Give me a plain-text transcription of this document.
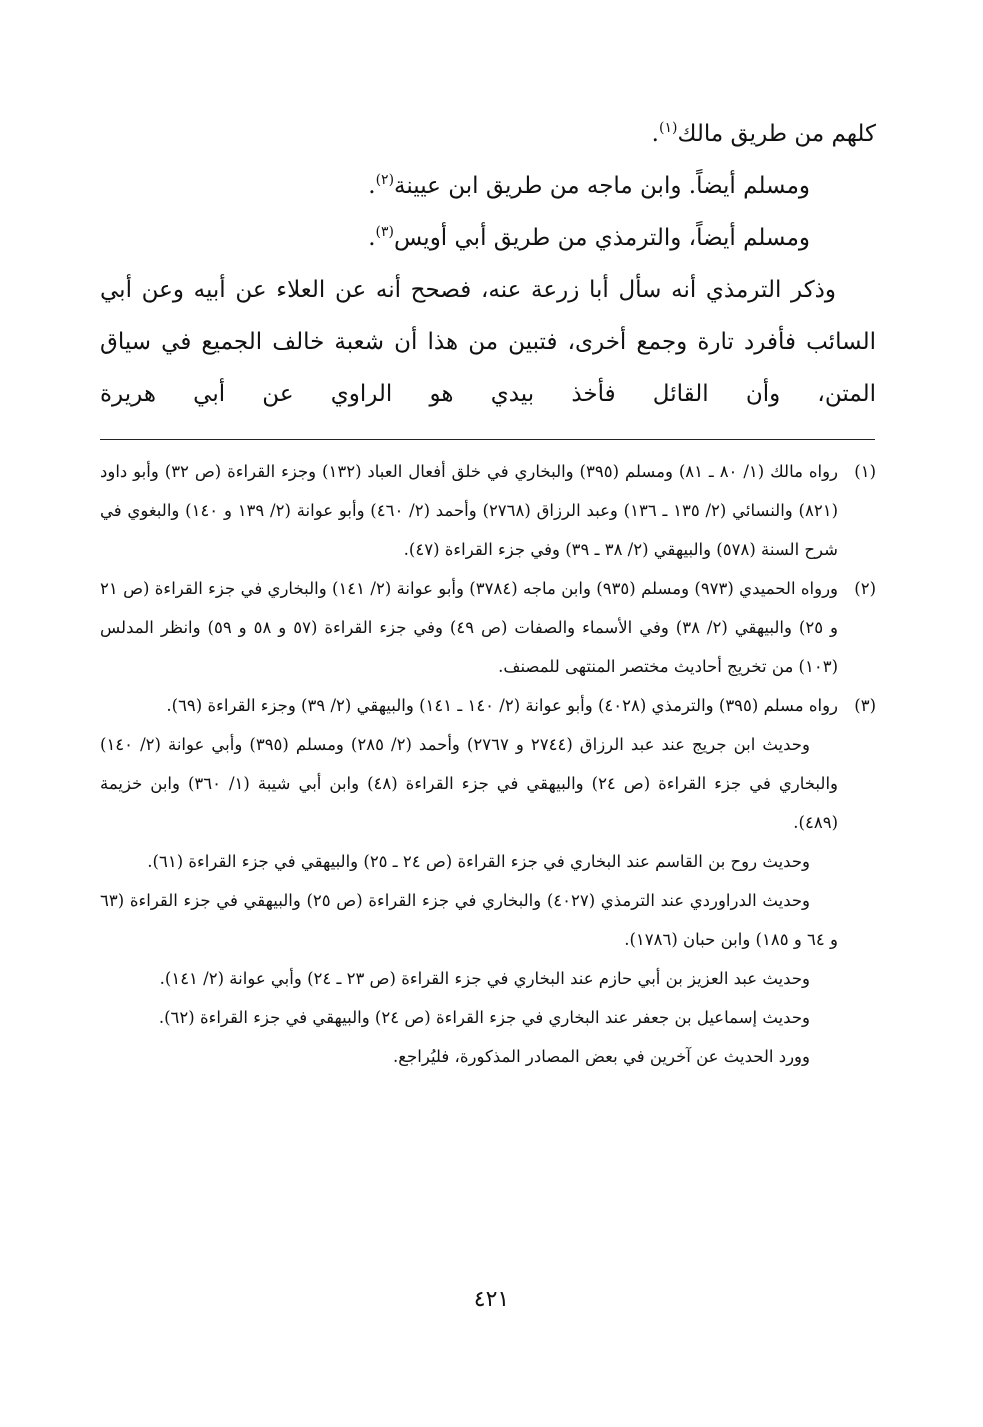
كلهم من طريق مالك$^{(١)}$.

ومسلم أيضاً. وابن ماجه من طريق ابن عيينة$^{(٢)}$.

ومسلم أيضاً، والترمذي من طريق أبي أويس$^{(٣)}$.

وذكر الترمذي أنه سأل أبا زرعة عنه، فصحح أنه عن العلاء عن أبيه وعن أبي السائب فأفرد تارة وجمع أخرى، فتبين من هذا أن شعبة خالف الجميع في سياق المتن، وأن القائل فأخذ بيدي هو الراوي عن أبي هريرة

(١)

رواه مالك (١/ ٨٠ ـ ٨١) ومسلم (٣٩٥) والبخاري في خلق أفعال العباد (١٣٢) وجزء القراءة (ص ٣٢) وأبو داود (٨٢١) والنسائي (٢/ ١٣٥ ـ ١٣٦) وعبد الرزاق (٢٧٦٨) وأحمد (٢/ ٤٦٠) وأبو عوانة (٢/ ١٣٩ و ١٤٠) والبغوي في شرح السنة (٥٧٨) والبيهقي (٢/ ٣٨ ـ ٣٩) وفي جزء القراءة (٤٧).

(٢)

ورواه الحميدي (٩٧٣) ومسلم (٩٣٥) وابن ماجه (٣٧٨٤) وأبو عوانة (٢/ ١٤١) والبخاري في جزء القراءة (ص ٢١ و ٢٥) والبيهقي (٢/ ٣٨) وفي الأسماء والصفات (ص ٤٩) وفي جزء القراءة (٥٧ و ٥٨ و ٥٩) وانظر المدلس (١٠٣) من تخريج أحاديث مختصر المنتهى للمصنف.

(٣)

رواه مسلم (٣٩٥) والترمذي (٤٠٢٨) وأبو عوانة (٢/ ١٤٠ ـ ١٤١) والبيهقي (٢/ ٣٩) وجزء القراءة (٦٩).

وحديث ابن جريج عند عبد الرزاق (٢٧٤٤ و ٢٧٦٧) وأحمد (٢/ ٢٨٥) ومسلم (٣٩٥) وأبي عوانة (٢/ ١٤٠) والبخاري في جزء القراءة (ص ٢٤) والبيهقي في جزء القراءة (٤٨) وابن أبي شيبة (١/ ٣٦٠) وابن خزيمة (٤٨٩).

وحديث روح بن القاسم عند البخاري في جزء القراءة (ص ٢٤ ـ ٢٥) والبيهقي في جزء القراءة (٦١).

وحديث الدراوردي عند الترمذي (٤٠٢٧) والبخاري في جزء القراءة (ص ٢٥) والبيهقي في جزء القراءة (٦٣ و ٦٤ و ١٨٥) وابن حبان (١٧٨٦).

وحديث عبد العزيز بن أبي حازم عند البخاري في جزء القراءة (ص ٢٣ ـ ٢٤) وأبي عوانة (٢/ ١٤١).

وحديث إسماعيل بن جعفر عند البخاري في جزء القراءة (ص ٢٤) والبيهقي في جزء القراءة (٦٢).

وورد الحديث عن آخرين في بعض المصادر المذكورة، فليُراجع.

٤٢١
